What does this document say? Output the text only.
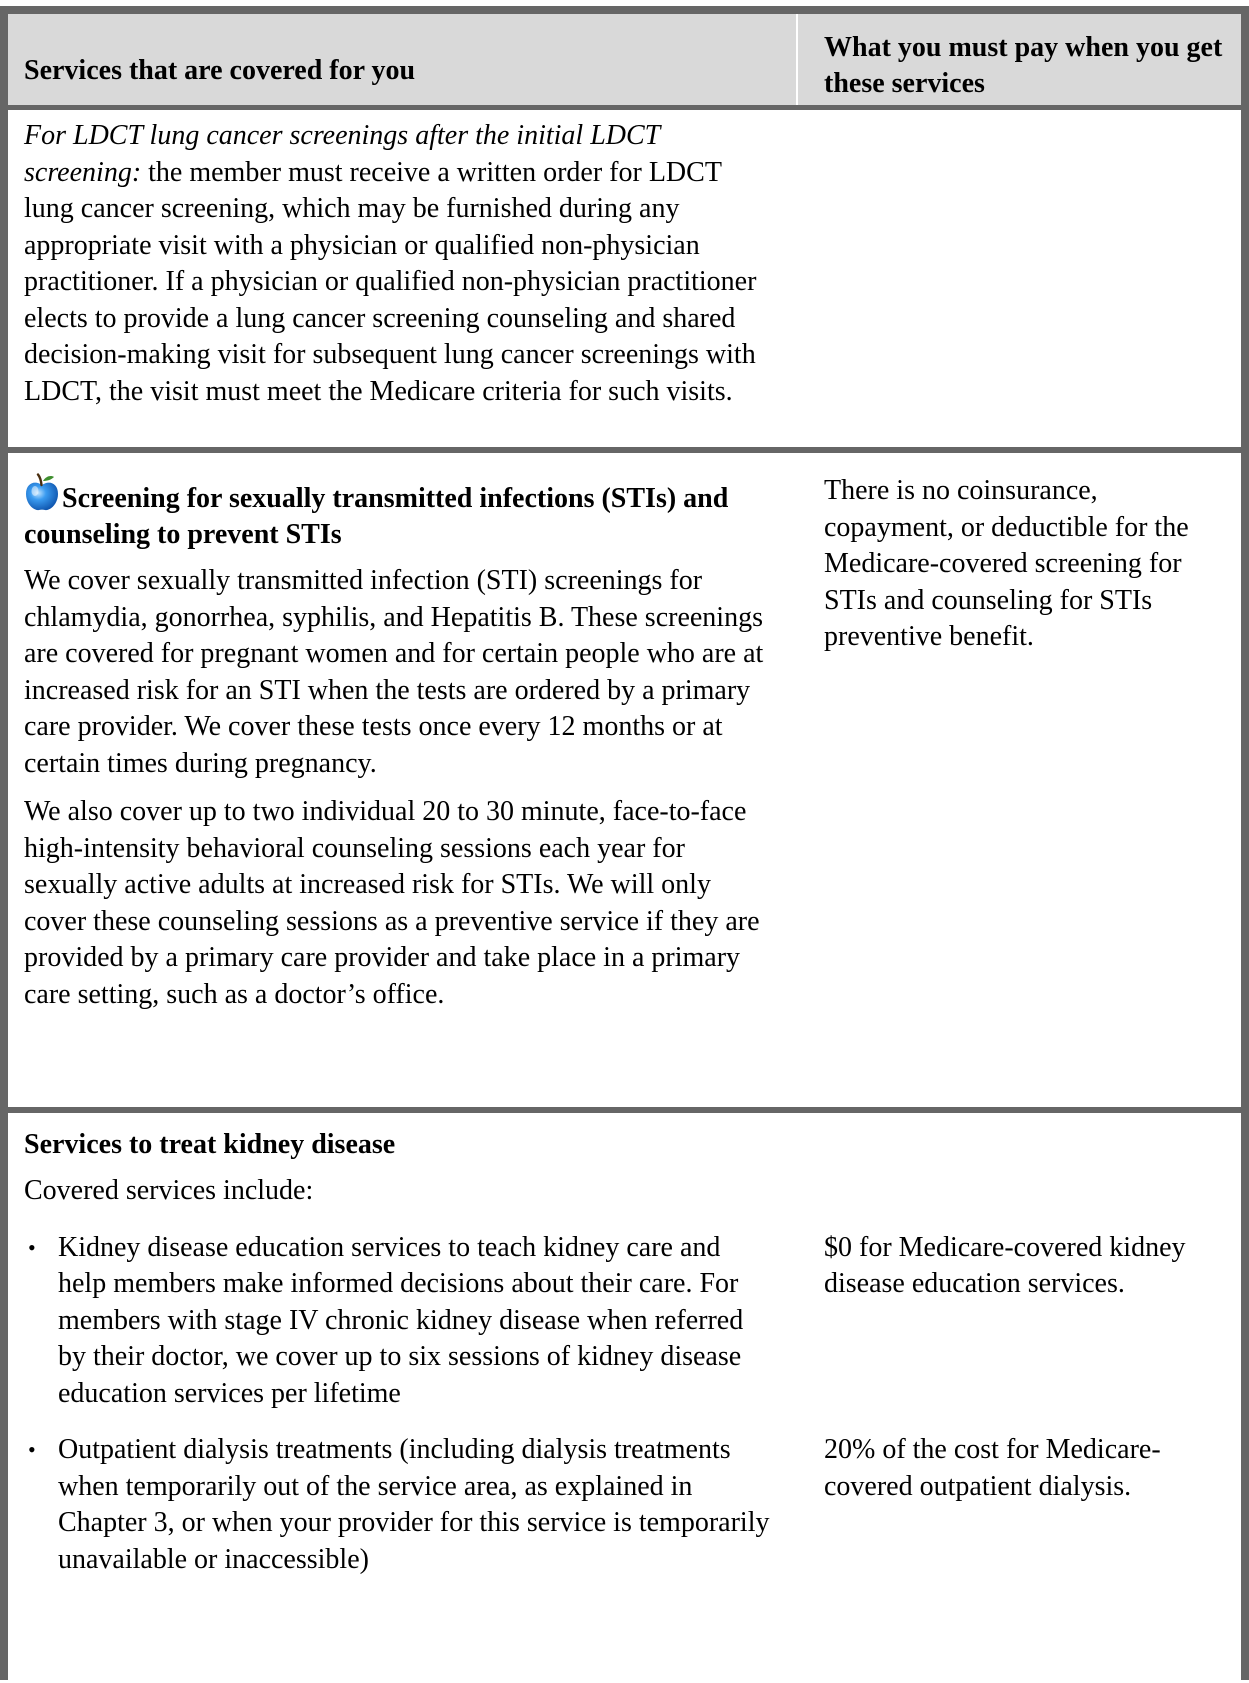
Services that are covered for you
What you must pay when you get these services
For LDCT lung cancer screenings after the initial LDCT screening: the member must receive a written order for LDCT lung cancer screening, which may be furnished during any appropriate visit with a physician or qualified non-physician practitioner. If a physician or qualified non-physician practitioner elects to provide a lung cancer screening counseling and shared decision-making visit for subsequent lung cancer screenings with LDCT, the visit must meet the Medicare criteria for such visits.
Screening for sexually transmitted infections (STIs) and counseling to prevent STIs
We cover sexually transmitted infection (STI) screenings for chlamydia, gonorrhea, syphilis, and Hepatitis B. These screenings are covered for pregnant women and for certain people who are at increased risk for an STI when the tests are ordered by a primary care provider. We cover these tests once every 12 months or at certain times during pregnancy.
We also cover up to two individual 20 to 30 minute, face-to-face high-intensity behavioral counseling sessions each year for sexually active adults at increased risk for STIs. We will only cover these counseling sessions as a preventive service if they are provided by a primary care provider and take place in a primary care setting, such as a doctor’s office.
There is no coinsurance, copayment, or deductible for the Medicare-covered screening for STIs and counseling for STIs preventive benefit.
Services to treat kidney disease
Covered services include:
• Kidney disease education services to teach kidney care and help members make informed decisions about their care. For members with stage IV chronic kidney disease when referred by their doctor, we cover up to six sessions of kidney disease education services per lifetime
$0 for Medicare-covered kidney disease education services.
• Outpatient dialysis treatments (including dialysis treatments when temporarily out of the service area, as explained in Chapter 3, or when your provider for this service is temporarily unavailable or inaccessible)
20% of the cost for Medicare-covered outpatient dialysis.
